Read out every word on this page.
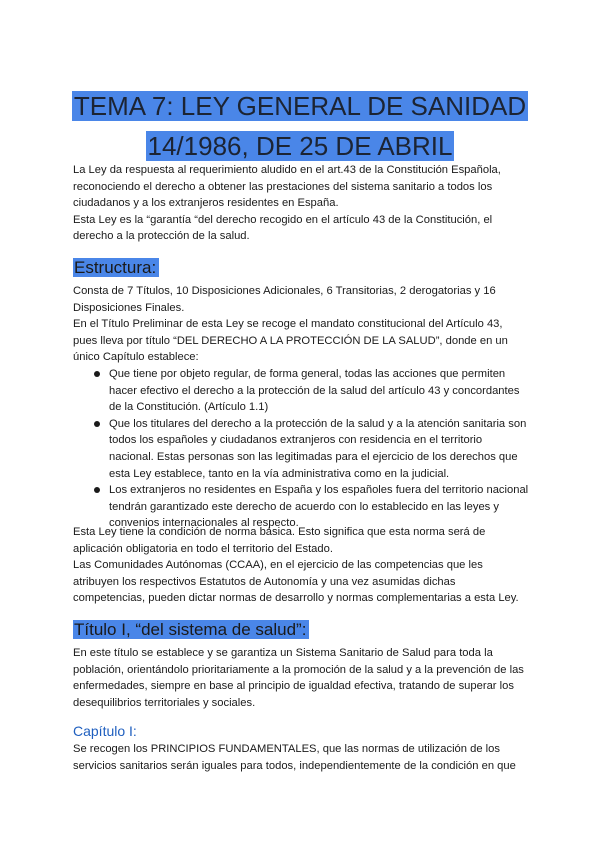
TEMA 7: LEY GENERAL DE SANIDAD
14/1986, DE 25 DE ABRIL

La Ley da respuesta al requerimiento aludido en el art.43 de la Constitución Española,
reconociendo el derecho a obtener las prestaciones del sistema sanitario a todos los
ciudadanos y a los extranjeros residentes en España.
Esta Ley es la “garantía “del derecho recogido en el artículo 43 de la Constitución, el
derecho a la protección de la salud.

Estructura:

Consta de 7 Títulos, 10 Disposiciones Adicionales, 6 Transitorias, 2 derogatorias y 16
Disposiciones Finales.
En el Título Preliminar de esta Ley se recoge el mandato constitucional del Artículo 43,
pues lleva por título “DEL DERECHO A LA PROTECCIÓN DE LA SALUD”, donde en un
único Capítulo establece:

Que tiene por objeto regular, de forma general, todas las acciones que permiten
hacer efectivo el derecho a la protección de la salud del artículo 43 y concordantes
de la Constitución. (Artículo 1.1)
Que los titulares del derecho a la protección de la salud y a la atención sanitaria son
todos los españoles y ciudadanos extranjeros con residencia en el territorio
nacional. Estas personas son las legitimadas para el ejercicio de los derechos que
esta Ley establece, tanto en la vía administrativa como en la judicial.
Los extranjeros no residentes en España y los españoles fuera del territorio nacional
tendrán garantizado este derecho de acuerdo con lo establecido en las leyes y
convenios internacionales al respecto.

Esta Ley tiene la condición de norma básica. Esto significa que esta norma será de
aplicación obligatoria en todo el territorio del Estado.
Las Comunidades Autónomas (CCAA), en el ejercicio de las competencias que les
atribuyen los respectivos Estatutos de Autonomía y una vez asumidas dichas
competencias, pueden dictar normas de desarrollo y normas complementarias a esta Ley.

Título I, “del sistema de salud”:

En este título se establece y se garantiza un Sistema Sanitario de Salud para toda la
población, orientándolo prioritariamente a la promoción de la salud y a la prevención de las
enfermedades, siempre en base al principio de igualdad efectiva, tratando de superar los
desequilibrios territoriales y sociales.

Capítulo I:

Se recogen los PRINCIPIOS FUNDAMENTALES, que las normas de utilización de los
servicios sanitarios serán iguales para todos, independientemente de la condición en que
